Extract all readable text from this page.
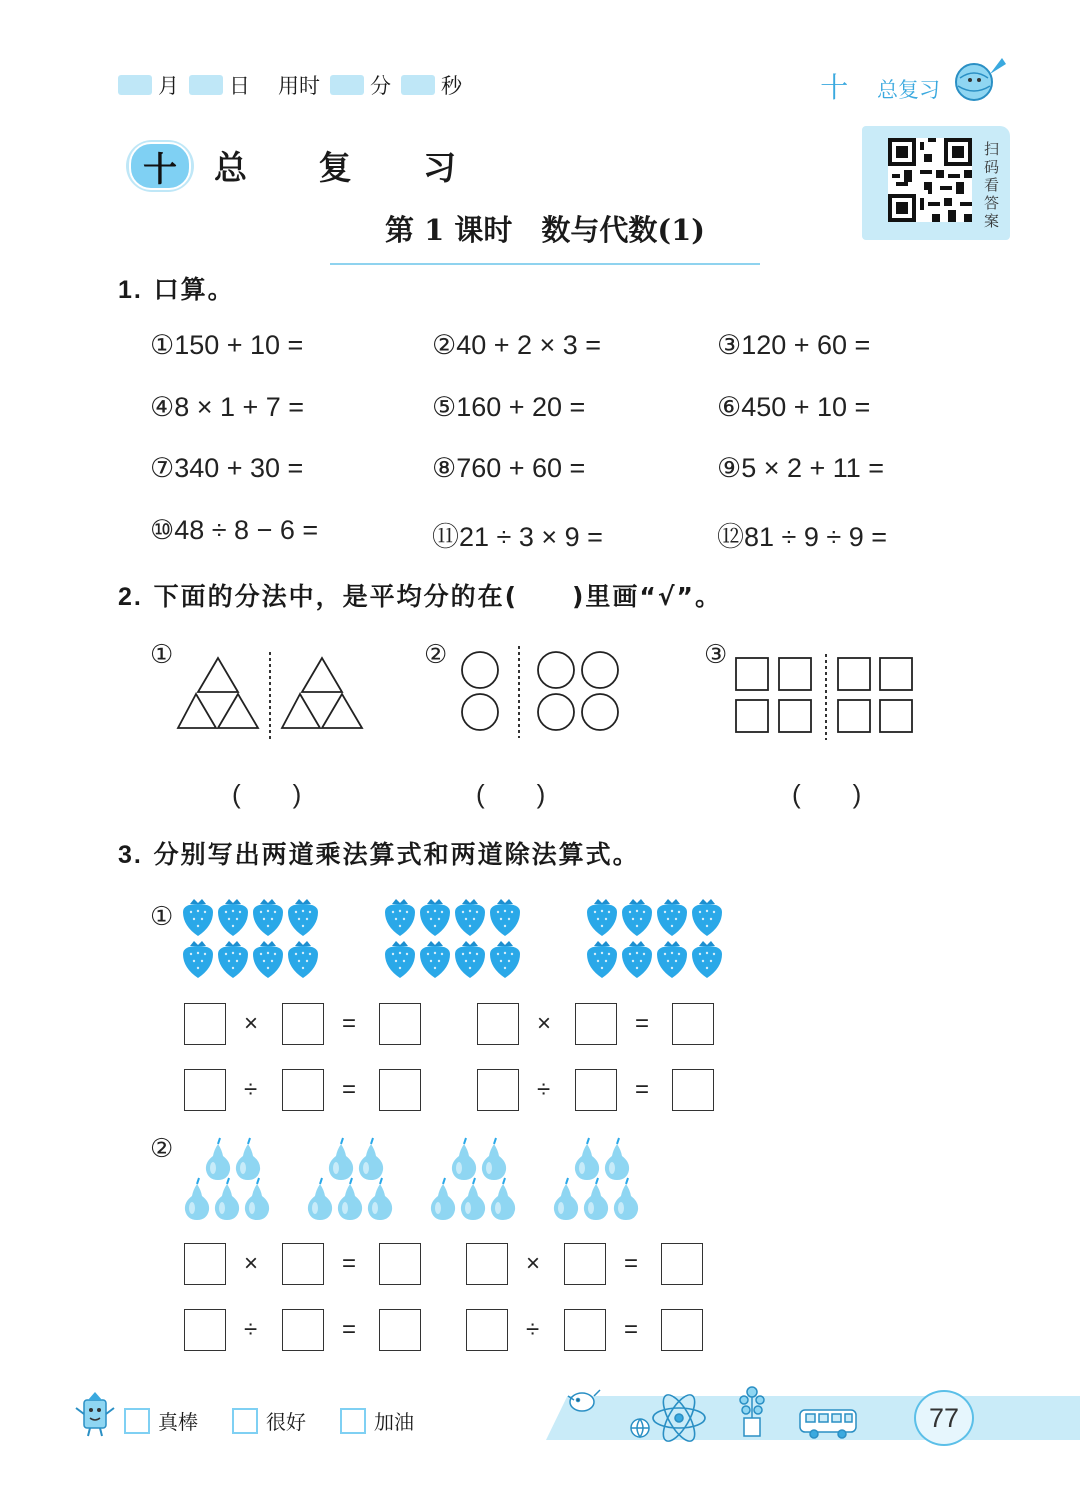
月 日 用时 分 秒	十 总复习
十	总 复 习
第 1 课时　数与代数(1)
扫码看答案
1. 口算。
①150 + 10 =	②40 + 2 × 3 =	③120 + 60 =
④8 × 1 + 7 =	⑤160 + 20 =	⑥450 + 10 =
⑦340 + 30 =	⑧760 + 60 =	⑨5 × 2 + 11 =
⑩48 ÷ 8 − 6 =	⑪21 ÷ 3 × 9 =	⑫81 ÷ 9 ÷ 9 =
2. 下面的分法中，是平均分的在(　　)里画“√”。
①
(　　)
②
(　　)
③
(　　)
3. 分别写出两道乘法算式和两道除法算式。
①
×	=	×	=
÷	=	÷	=
②
×	=	×	=
÷	=	÷	=
真棒	很好	加油	77
